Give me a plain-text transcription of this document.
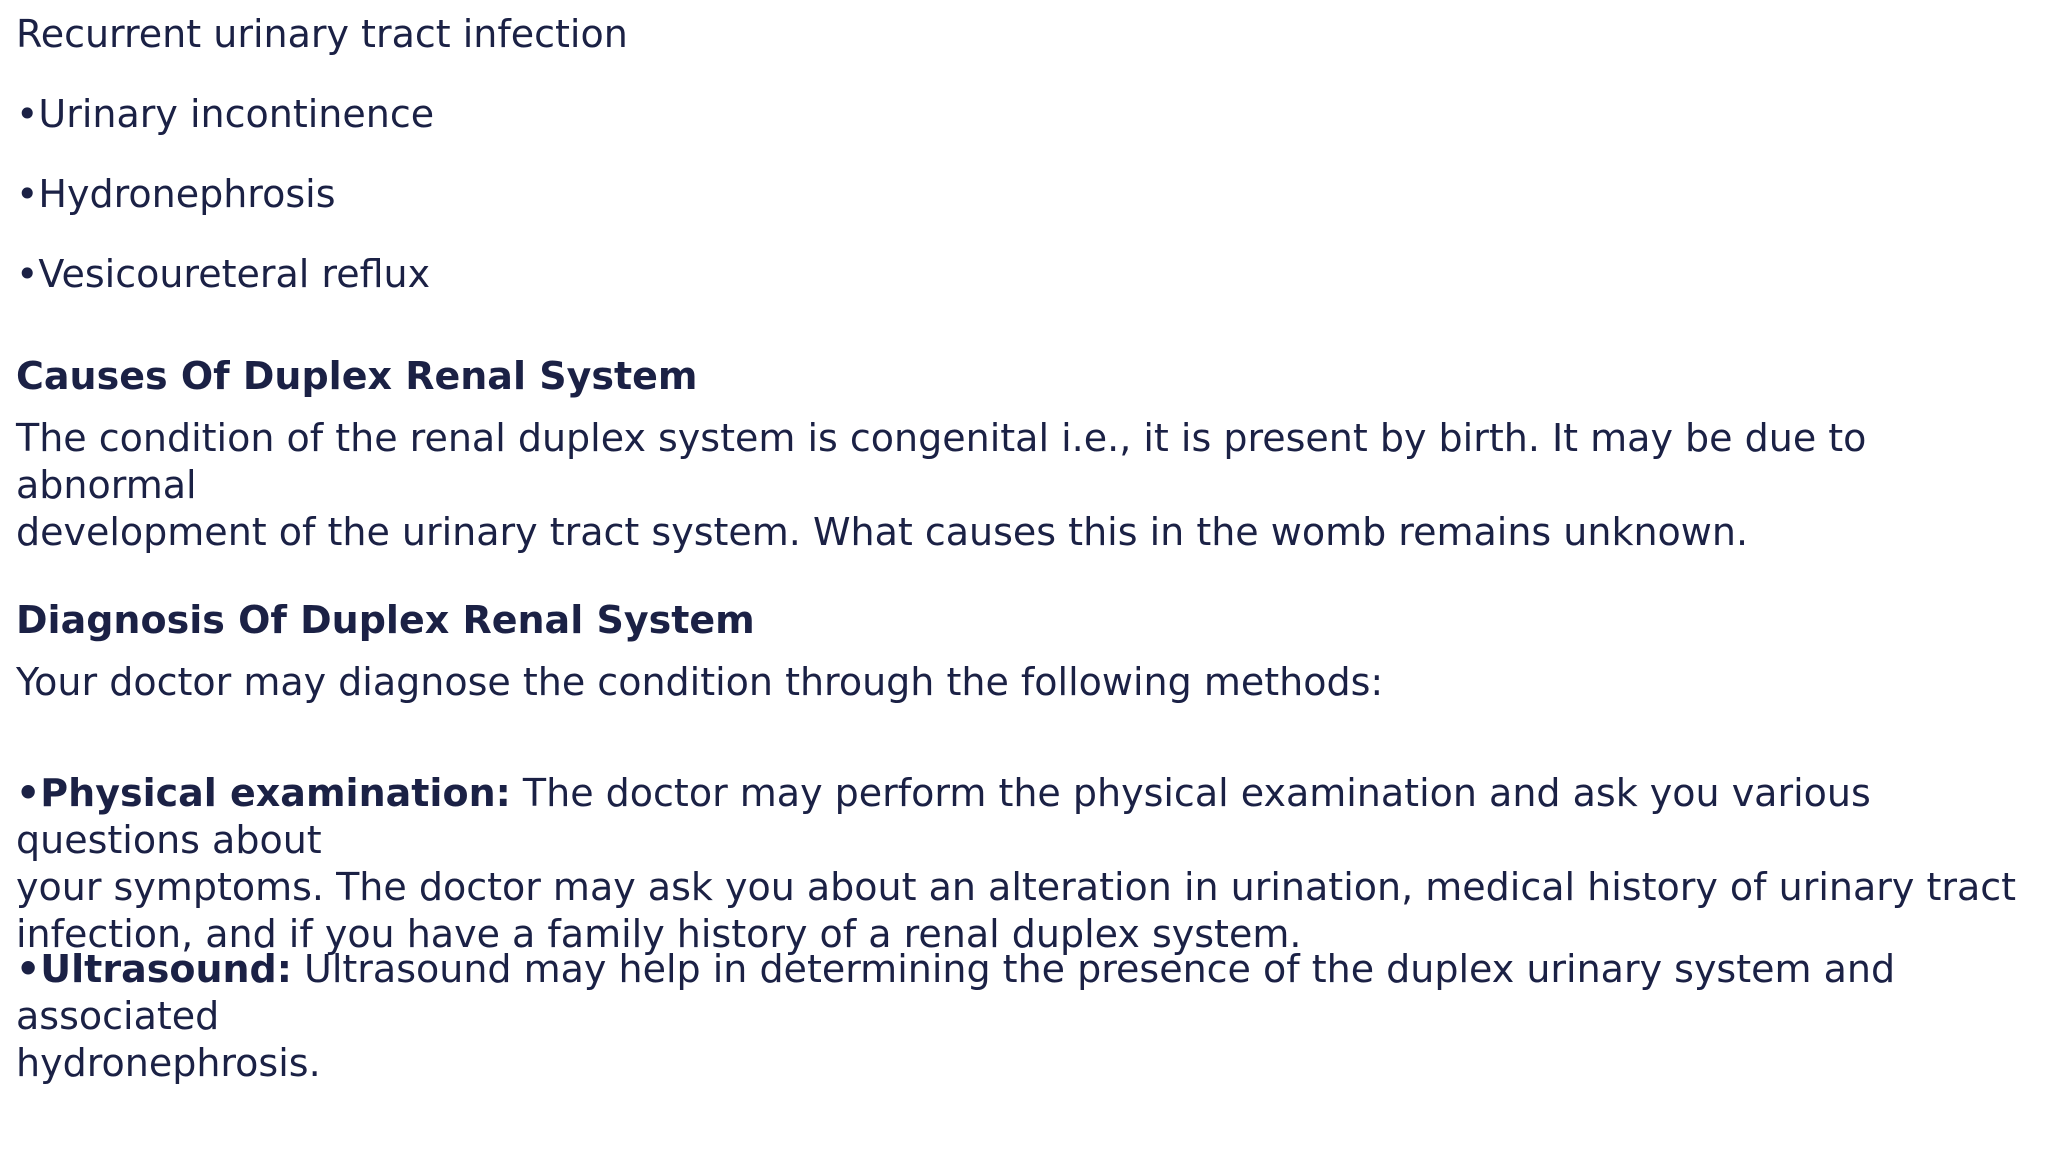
Recurrent urinary tract infection

•Urinary incontinence

•Hydronephrosis

•Vesicoureteral reflux

Causes Of Duplex Renal System
The condition of the renal duplex system is congenital i.e., it is present by birth. It may be due to abnormal
development of the urinary tract system. What causes this in the womb remains unknown.
Diagnosis Of Duplex Renal System

Your doctor may diagnose the condition through the following methods:

•Physical examination: The doctor may perform the physical examination and ask you various questions about
your symptoms. The doctor may ask you about an alteration in urination, medical history of urinary tract
infection, and if you have a family history of a renal duplex system.
•Ultrasound: Ultrasound may help in determining the presence of the duplex urinary system and associated
hydronephrosis.
